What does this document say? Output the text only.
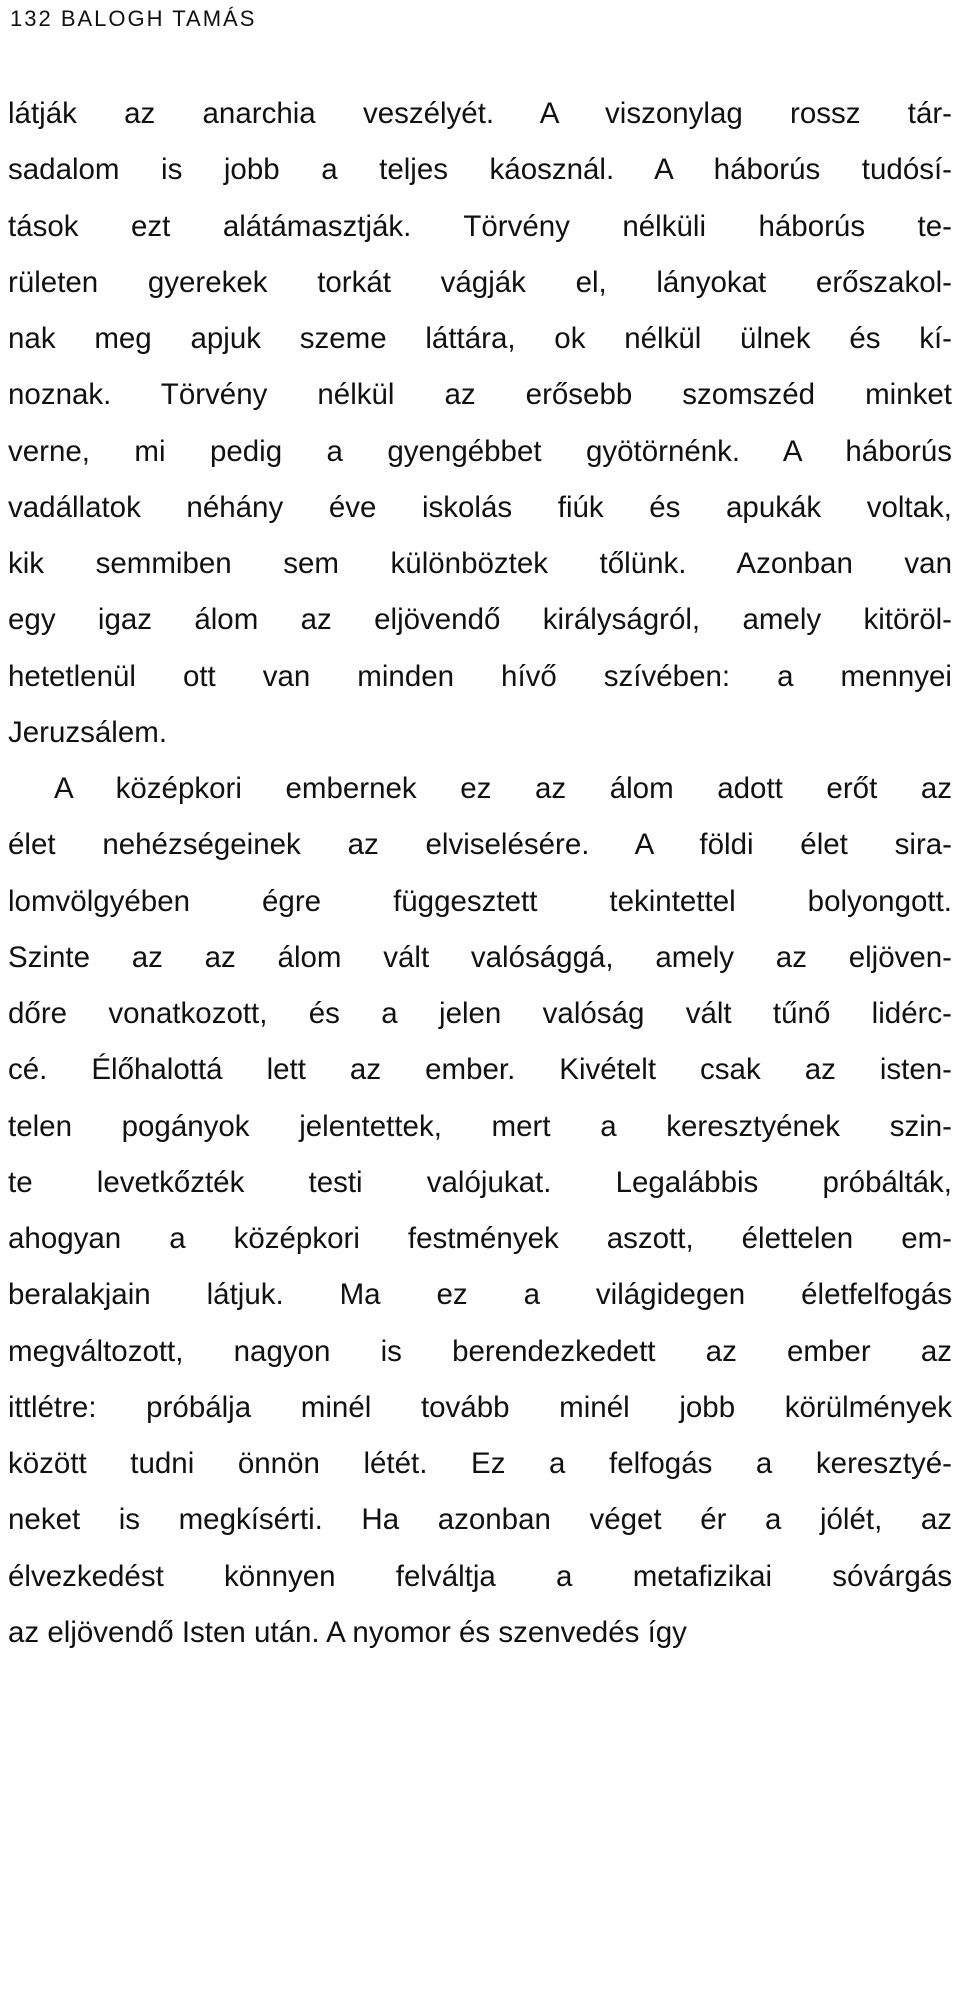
132 BALOGH TAMÁS
látják az anarchia veszélyét. A viszonylag rossz tár-
sadalom is jobb a teljes káosznál. A háborús tudósí-
tások ezt alátámasztják. Törvény nélküli háborús te-
rületen gyerekek torkát vágják el, lányokat erőszakol-
nak meg apjuk szeme láttára, ok nélkül ülnek és kí-
noznak. Törvény nélkül az erősebb szomszéd minket
verne, mi pedig a gyengébbet gyötörnénk. A háborús
vadállatok néhány éve iskolás fiúk és apukák voltak,
kik semmiben sem különböztek tőlünk. Azonban van
egy igaz álom az eljövendő királyságról, amely kitöröl-
hetetlenül ott van minden hívő szívében: a mennyei
Jeruzsálem.
A középkori embernek ez az álom adott erőt az
élet nehézségeinek az elviselésére. A földi élet sira-
lomvölgyében égre függesztett tekintettel bolyongott.
Szinte az az álom vált valósággá, amely az eljöven-
dőre vonatkozott, és a jelen valóság vált tűnő lidérc-
cé. Élőhalottá lett az ember. Kivételt csak az isten-
telen pogányok jelentettek, mert a keresztyének szin-
te levetkőzték testi valójukat. Legalábbis próbálták,
ahogyan a középkori festmények aszott, élettelen em-
beralakjain látjuk. Ma ez a világidegen életfelfogás
megváltozott, nagyon is berendezkedett az ember az
ittlétre: próbálja minél tovább minél jobb körülmények
között tudni önnön létét. Ez a felfogás a keresztyé-
neket is megkísérti. Ha azonban véget ér a jólét, az
élvezkedést könnyen felváltja a metafizikai sóvárgás
az eljövendő Isten után. A nyomor és szenvedés így
